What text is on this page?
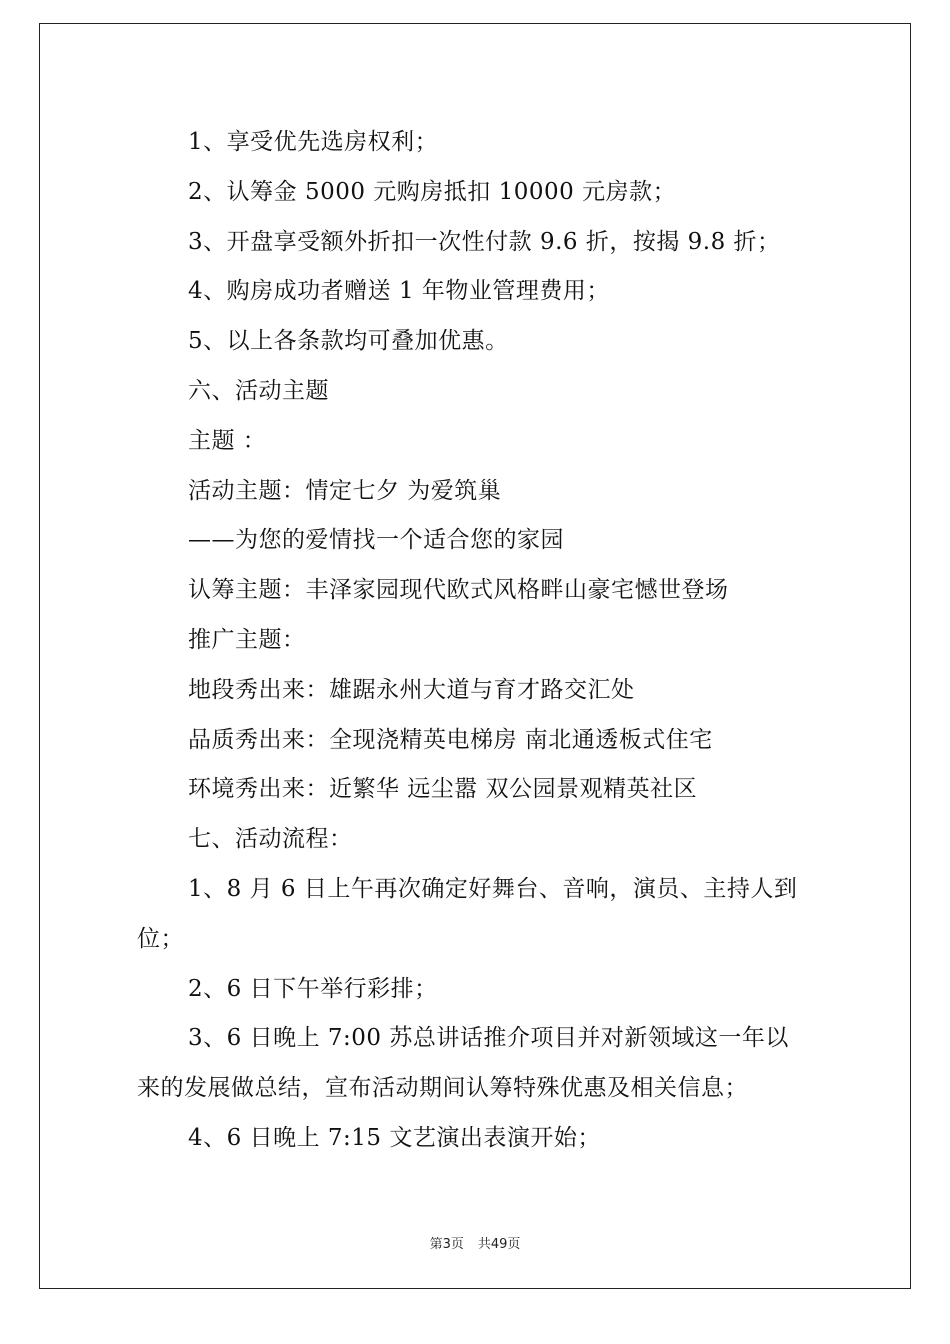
1、享受优先选房权利；
2、认筹金 5000 元购房抵扣 10000 元房款；
3、开盘享受额外折扣一次性付款 9.6 折，按揭 9.8 折；
4、购房成功者赠送 1 年物业管理费用；
5、以上各条款均可叠加优惠。
六、活动主题
主题 ：
活动主题：情定七夕 为爱筑巢
——为您的爱情找一个适合您的家园
认筹主题：丰泽家园现代欧式风格畔山豪宅憾世登场
推广主题：
地段秀出来：雄踞永州大道与育才路交汇处
品质秀出来：全现浇精英电梯房 南北通透板式住宅
环境秀出来：近繁华 远尘嚣 双公园景观精英社区
七、活动流程：
1、8 月 6 日上午再次确定好舞台、音响，演员、主持人到
位；
2、6 日下午举行彩排；
3、6 日晚上 7:00 苏总讲话推介项目并对新领域这一年以
来的发展做总结，宣布活动期间认筹特殊优惠及相关信息；
4、6 日晚上 7:15 文艺演出表演开始；
第3页 共49页
